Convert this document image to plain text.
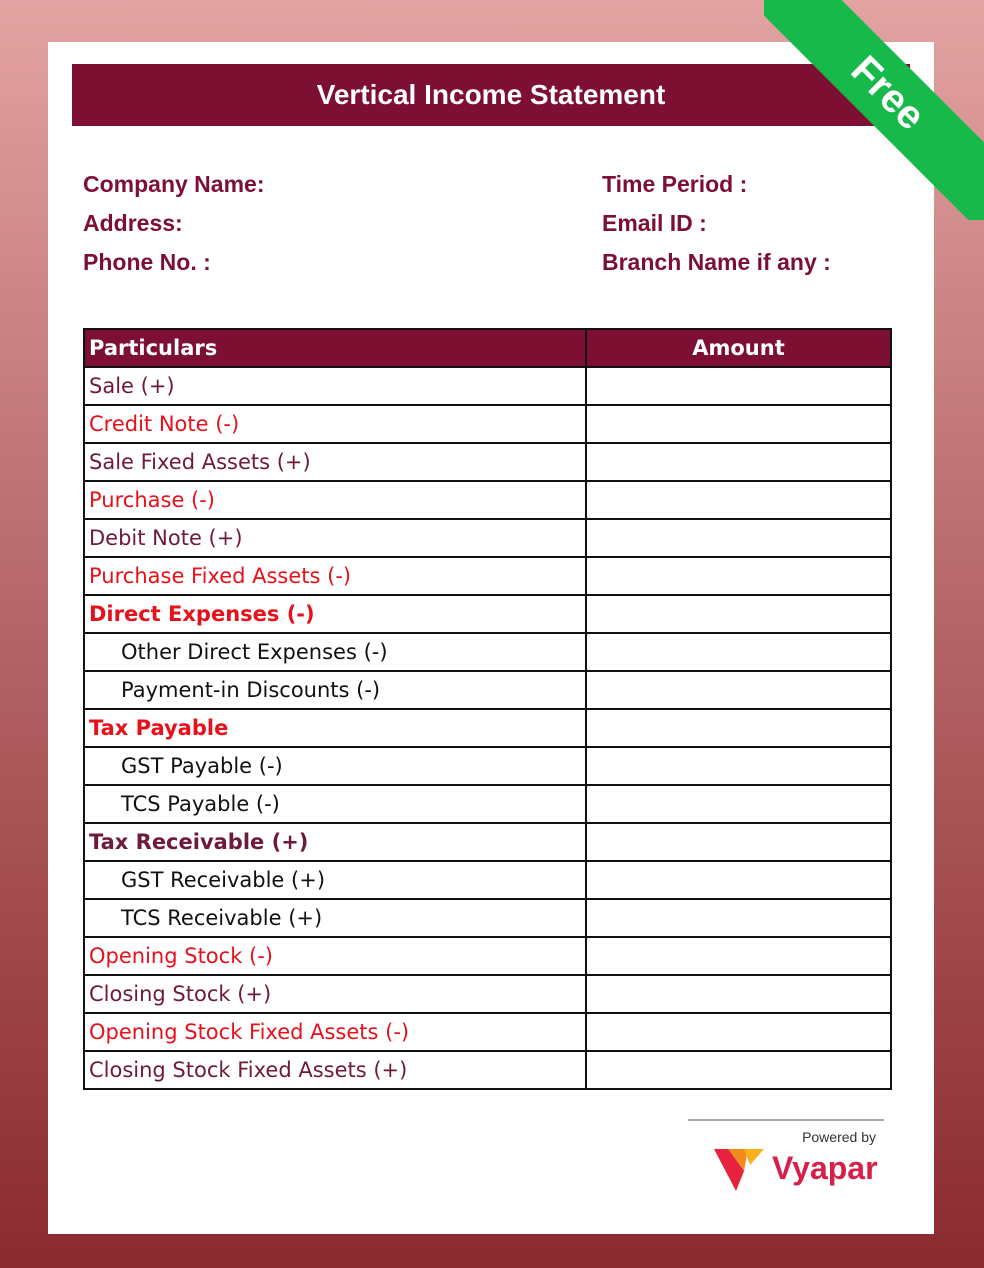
Vertical Income Statement
Company Name:
Address:
Phone No. :
Time Period :
Email ID :
Branch Name if any :
Particulars	Amount
Sale (+)	
Credit Note (-)	
Sale Fixed Assets (+)	
Purchase (-)	
Debit Note (+)	
Purchase Fixed Assets (-)	
Direct Expenses (-)	
Other Direct Expenses (-)	
Payment-in Discounts (-)	
Tax Payable	
GST Payable (-)	
TCS Payable (-)	
Tax Receivable (+)	
GST Receivable (+)	
TCS Receivable (+)	
Opening Stock (-)	
Closing Stock (+)	
Opening Stock Fixed Assets (-)	
Closing Stock Fixed Assets (+)	
Powered by
Vyapar
Free
